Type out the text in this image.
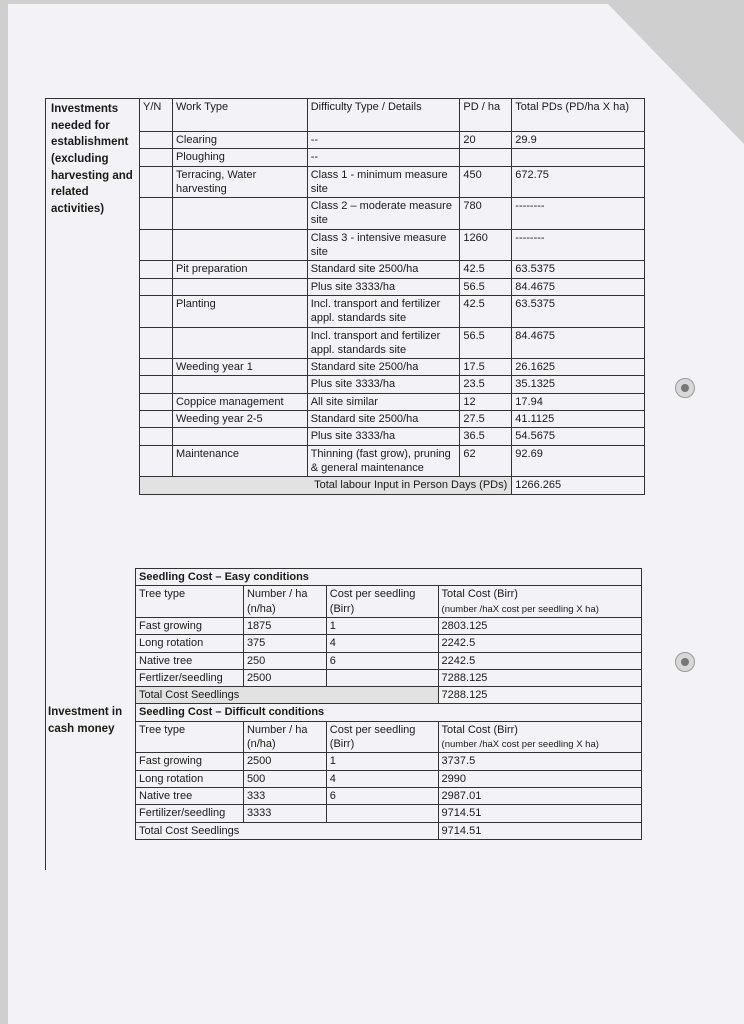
Investments needed for establishment (excluding harvesting and related activities)
Investment in cash money
Y/N	Work Type	Difficulty Type / Details	PD / ha	Total PDs (PD/ha X ha)
	Clearing	--	20	29.9
	Ploughing	--		
	Terracing, Water harvesting	Class 1 - minimum measure site	450	672.75
		Class 2 – moderate measure site	780	--------
		Class 3 - intensive measure site	1260	--------
	Pit preparation	Standard site 2500/ha	42.5	63.5375
		Plus site 3333/ha	56.5	84.4675
	Planting	Incl. transport and fertilizer appl. standards site	42.5	63.5375
		Incl. transport and fertilizer appl. standards site	56.5	84.4675
	Weeding year 1	Standard site 2500/ha	17.5	26.1625
		Plus site 3333/ha	23.5	35.1325
	Coppice management	All site similar	12	17.94
	Weeding year 2-5	Standard site 2500/ha	27.5	41.1125
		Plus site 3333/ha	36.5	54.5675
	Maintenance	Thinning (fast grow), pruning & general maintenance	62	92.69
Total labour Input in Person Days (PDs)				1266.265
Seedling Cost – Easy conditions			
Tree type	Number / ha (n/ha)	Cost per seedling (Birr)	Total Cost (Birr)
(number /haX cost per seedling X ha)
Fast growing	1875	1	2803.125
Long rotation	375	4	2242.5
Native tree	250	6	2242.5
Fertlizer/seedling	2500		7288.125
Total Cost Seedlings			7288.125
Seedling Cost – Difficult conditions			
Tree type	Number / ha (n/ha)	Cost per seedling (Birr)	Total Cost (Birr)
(number /haX cost per seedling X ha)
Fast growing	2500	1	3737.5
Long rotation	500	4	2990
Native tree	333	6	2987.01
Fertilizer/seedling	3333		9714.51
Total Cost Seedlings			9714.51
